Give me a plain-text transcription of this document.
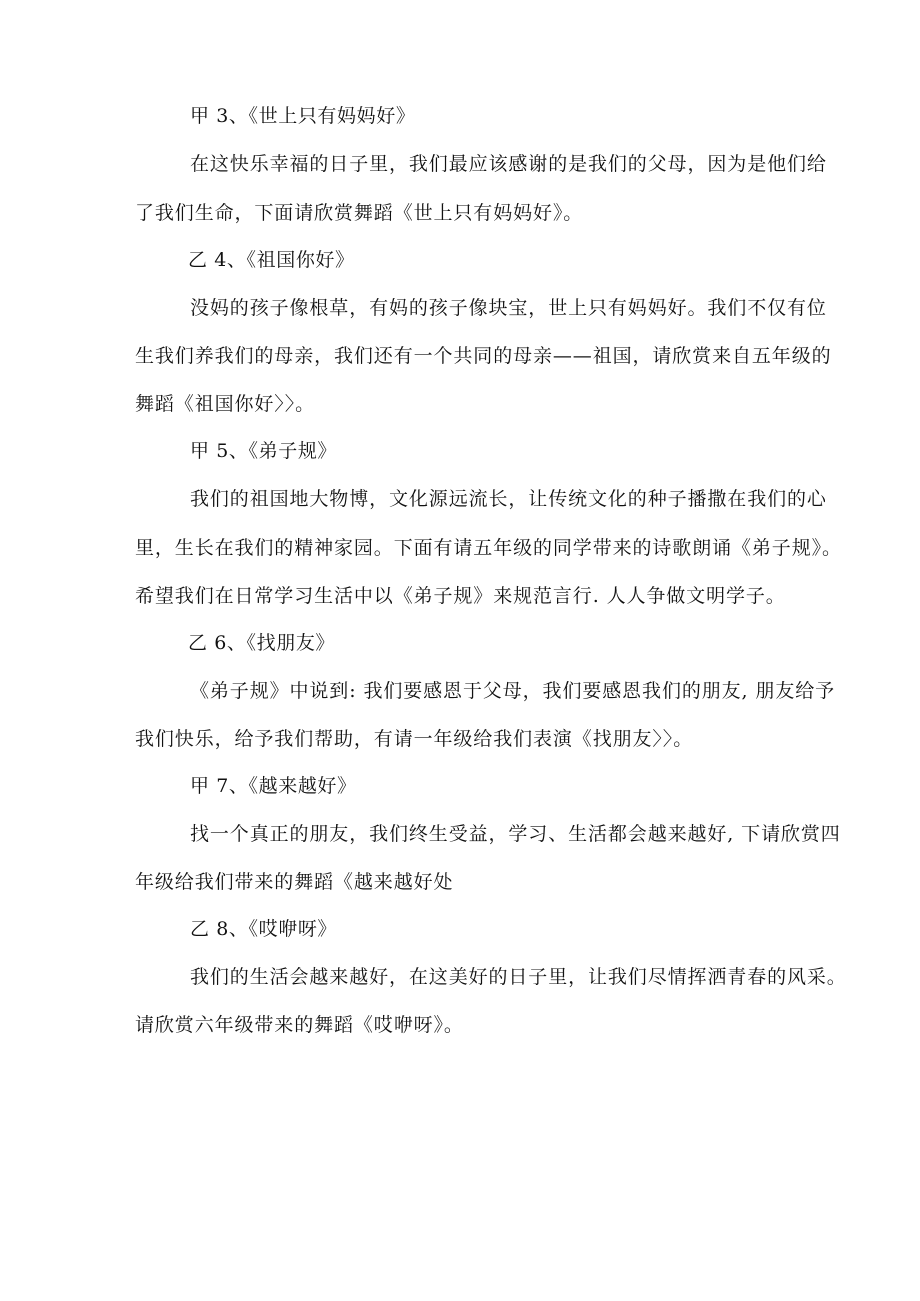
甲 3、《世上只有妈妈好》
在这快乐幸福的日子里，我们最应该感谢的是我们的父母，因为是他们给
了我们生命，下面请欣赏舞蹈《世上只有妈妈好》。
乙 4、《祖国你好》
没妈的孩子像根草，有妈的孩子像块宝，世上只有妈妈好。我们不仅有位
生我们养我们的母亲，我们还有一个共同的母亲——祖国，请欣赏来自五年级的
舞蹈《祖国你好〉〉。
甲 5、《弟子规》
我们的祖国地大物博，文化源远流长，让传统文化的种子播撒在我们的心
里，生长在我们的精神家园。下面有请五年级的同学带来的诗歌朗诵《弟子规》。
希望我们在日常学习生活中以《弟子规》来规范言行. 人人争做文明学子。
乙 6、《找朋友》
《弟子规》中说到: 我们要感恩于父母，我们要感恩我们的朋友, 朋友给予
我们快乐，给予我们帮助，有请一年级给我们表演《找朋友〉〉。
甲 7、《越来越好》
找一个真正的朋友，我们终生受益，学习、生活都会越来越好, 下请欣赏四
年级给我们带来的舞蹈《越来越好处
乙 8、《哎咿呀》
我们的生活会越来越好，在这美好的日子里，让我们尽情挥洒青春的风采。
请欣赏六年级带来的舞蹈《哎咿呀》。
